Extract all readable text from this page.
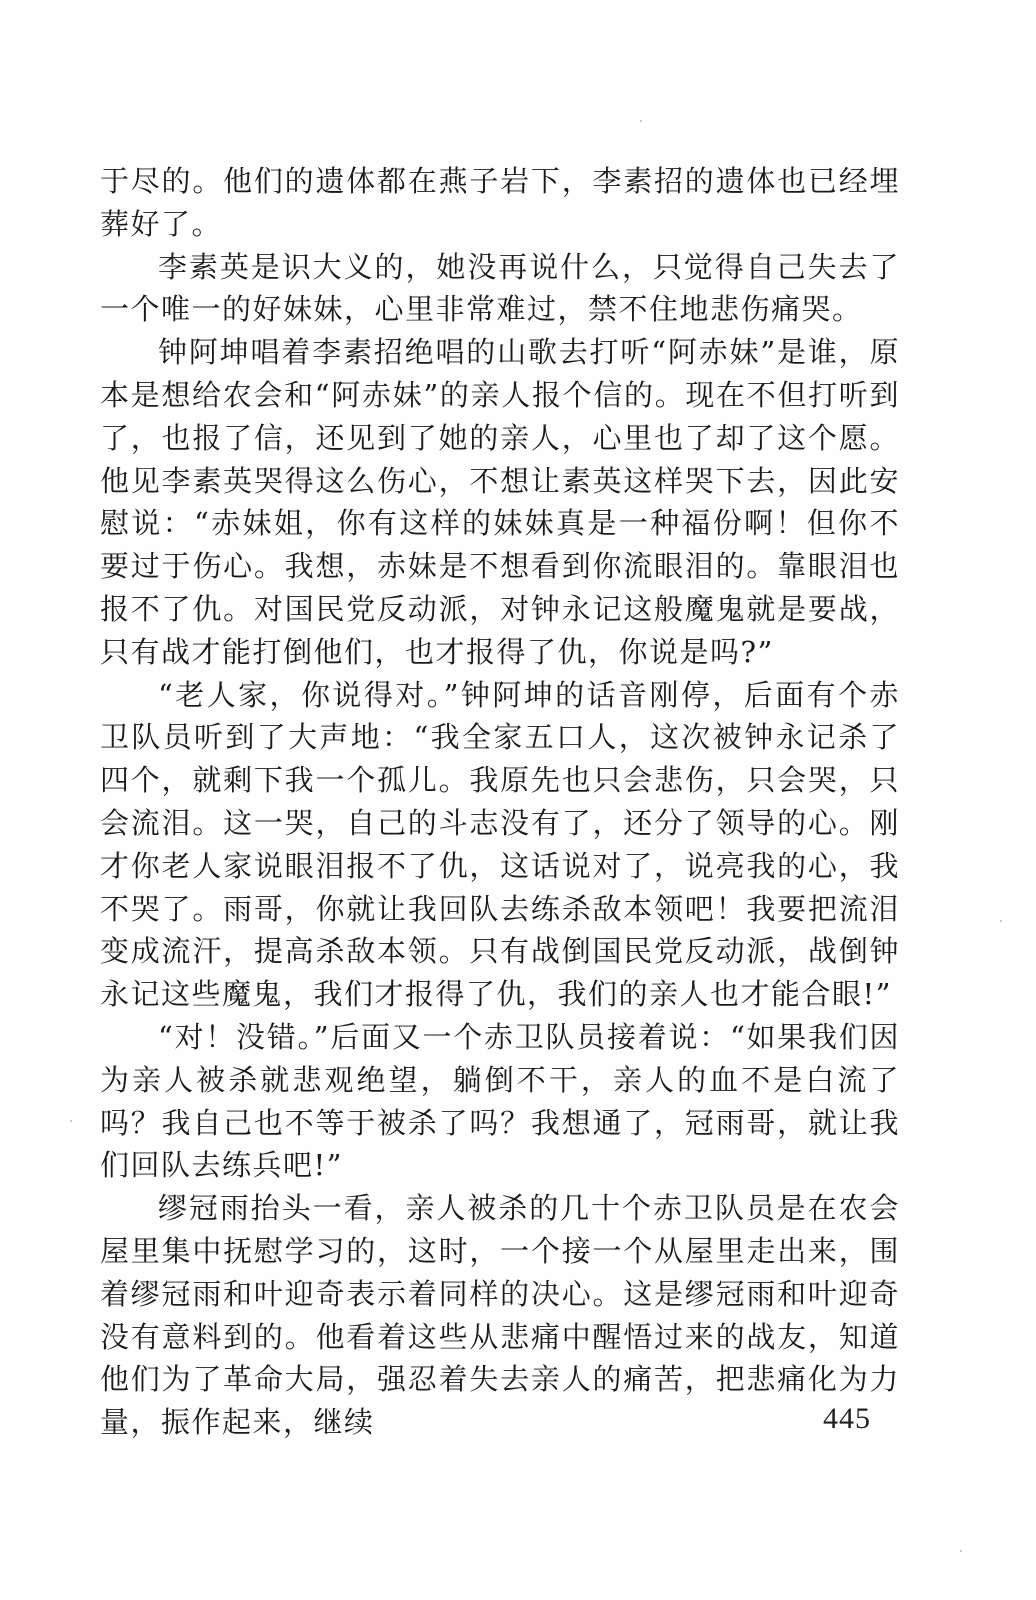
于尽的。他们的遗体都在燕子岩下，李素招的遗体也已经埋葬好了。

李素英是识大义的，她没再说什么，只觉得自己失去了一个唯一的好妹妹，心里非常难过，禁不住地悲伤痛哭。

钟阿坤唱着李素招绝唱的山歌去打听“阿赤妹”是谁，原本是想给农会和“阿赤妹”的亲人报个信的。现在不但打听到了，也报了信，还见到了她的亲人，心里也了却了这个愿。他见李素英哭得这么伤心，不想让素英这样哭下去，因此安慰说：“赤妹姐，你有这样的妹妹真是一种福份啊！但你不要过于伤心。我想，赤妹是不想看到你流眼泪的。靠眼泪也报不了仇。对国民党反动派，对钟永记这般魔鬼就是要战，只有战才能打倒他们，也才报得了仇，你说是吗?”

“老人家，你说得对。”钟阿坤的话音刚停，后面有个赤卫队员听到了大声地：“我全家五口人，这次被钟永记杀了四个，就剩下我一个孤儿。我原先也只会悲伤，只会哭，只会流泪。这一哭，自己的斗志没有了，还分了领导的心。刚才你老人家说眼泪报不了仇，这话说对了，说亮我的心，我不哭了。雨哥，你就让我回队去练杀敌本领吧！我要把流泪变成流汗，提高杀敌本领。只有战倒国民党反动派，战倒钟永记这些魔鬼，我们才报得了仇，我们的亲人也才能合眼!”

“对！没错。”后面又一个赤卫队员接着说：“如果我们因为亲人被杀就悲观绝望，躺倒不干，亲人的血不是白流了吗？我自己也不等于被杀了吗？我想通了，冠雨哥，就让我们回队去练兵吧!”

缪冠雨抬头一看，亲人被杀的几十个赤卫队员是在农会屋里集中抚慰学习的，这时，一个接一个从屋里走出来，围着缪冠雨和叶迎奇表示着同样的决心。这是缪冠雨和叶迎奇没有意料到的。他看着这些从悲痛中醒悟过来的战友，知道他们为了革命大局，强忍着失去亲人的痛苦，把悲痛化为力量，振作起来，继续	445
